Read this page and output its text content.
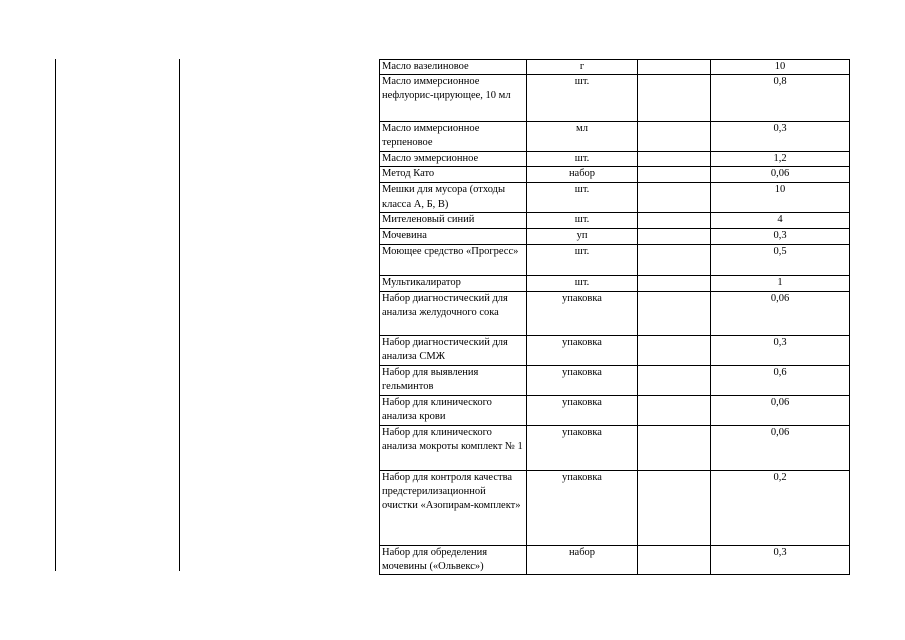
Масло вазелиновое	г		10
Масло иммерсионное нефлуорис-цирующее, 10 мл	шт.		0,8
Масло иммерсионное терпеновое	мл		0,3
Масло эммерсионное	шт.		1,2
Метод Като	набор		0,06
Мешки для мусора (отходы класса А, Б, В)	шт.		10
Мителеновый синий	шт.		4
Мочевина	уп		0,3
Моющее средство «Прогресс»	шт.		0,5
Мультикалиратор	шт.		1
Набор диагностический для анализа желудочного сока	упаковка		0,06
Набор диагностический для анализа СМЖ	упаковка		0,3
Набор для выявления гельминтов	упаковка		0,6
Набор для клинического анализа крови	упаковка		0,06
Набор для клинического анализа мокроты комплект № 1	упаковка		0,06
Набор для контроля качества предстерилизационной очистки «Азопирам-комплект»	упаковка		0,2
Набор для обределения мочевины («Ольвекс»)	набор		0,3
